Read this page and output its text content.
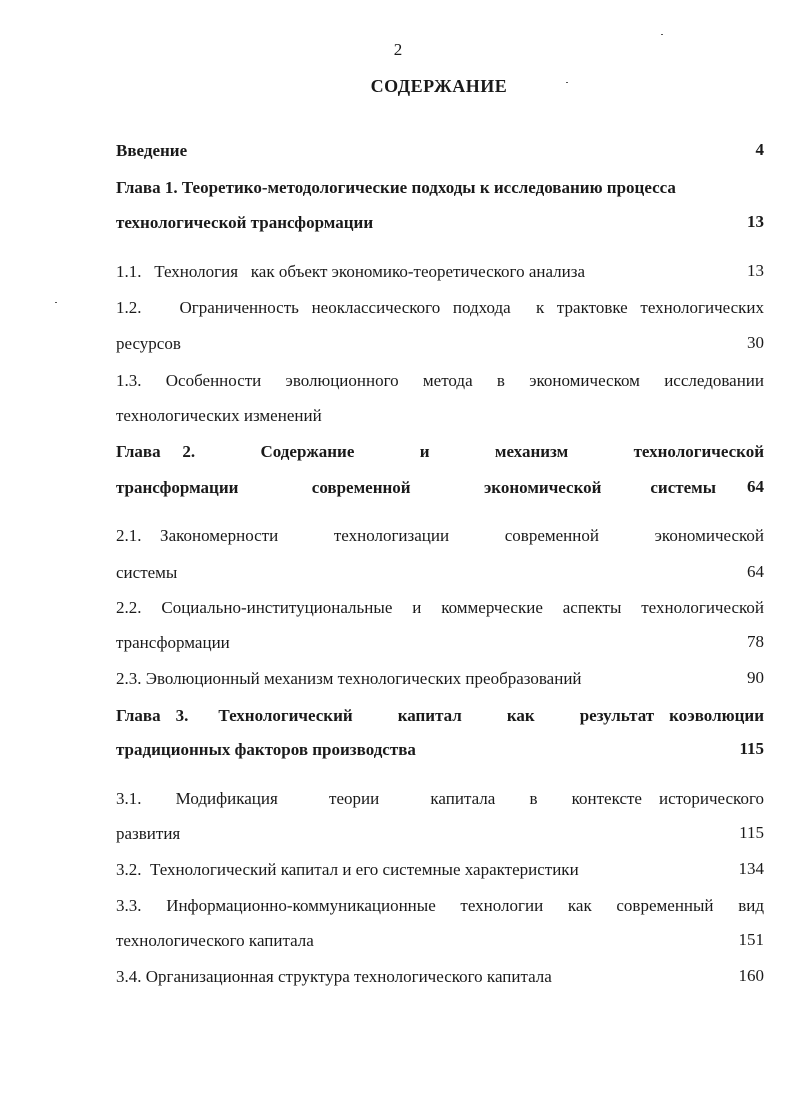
2
СОДЕРЖАНИЕ
Введение	4
Глава 1. Теоретико-методологические подходы к исследованию процесса
технологической трансформации	13
1.1.   Технология   как объект экономико-теоретического анализа	13
1.2.   Ограниченность неоклассического подхода  к трактовке технологических
ресурсов	30
1.3.  Особенности  эволюционного  метода  в  экономическом  исследовании
технологических изменений
Глава 2.   Содержание   и   механизм   технологической
трансформации   современной   экономической  системы 64
2.1. Закономерности   технологизации   современной   экономической
системы	64
2.2. Социально-институциональные и коммерческие аспекты технологической
трансформации	78
2.3. Эволюционный механизм технологических преобразований	90
Глава 3.  Технологический   капитал   как   результат коэволюции
традиционных факторов производства	115
3.1.  Модификация   теории   капитала  в  контексте исторического
развития	115
3.2.  Технологический капитал и его системные характеристики	134
3.3.  Информационно-коммуникационные  технологии  как  современный  вид
технологического капитала	151
3.4. Организационная структура технологического капитала	160
